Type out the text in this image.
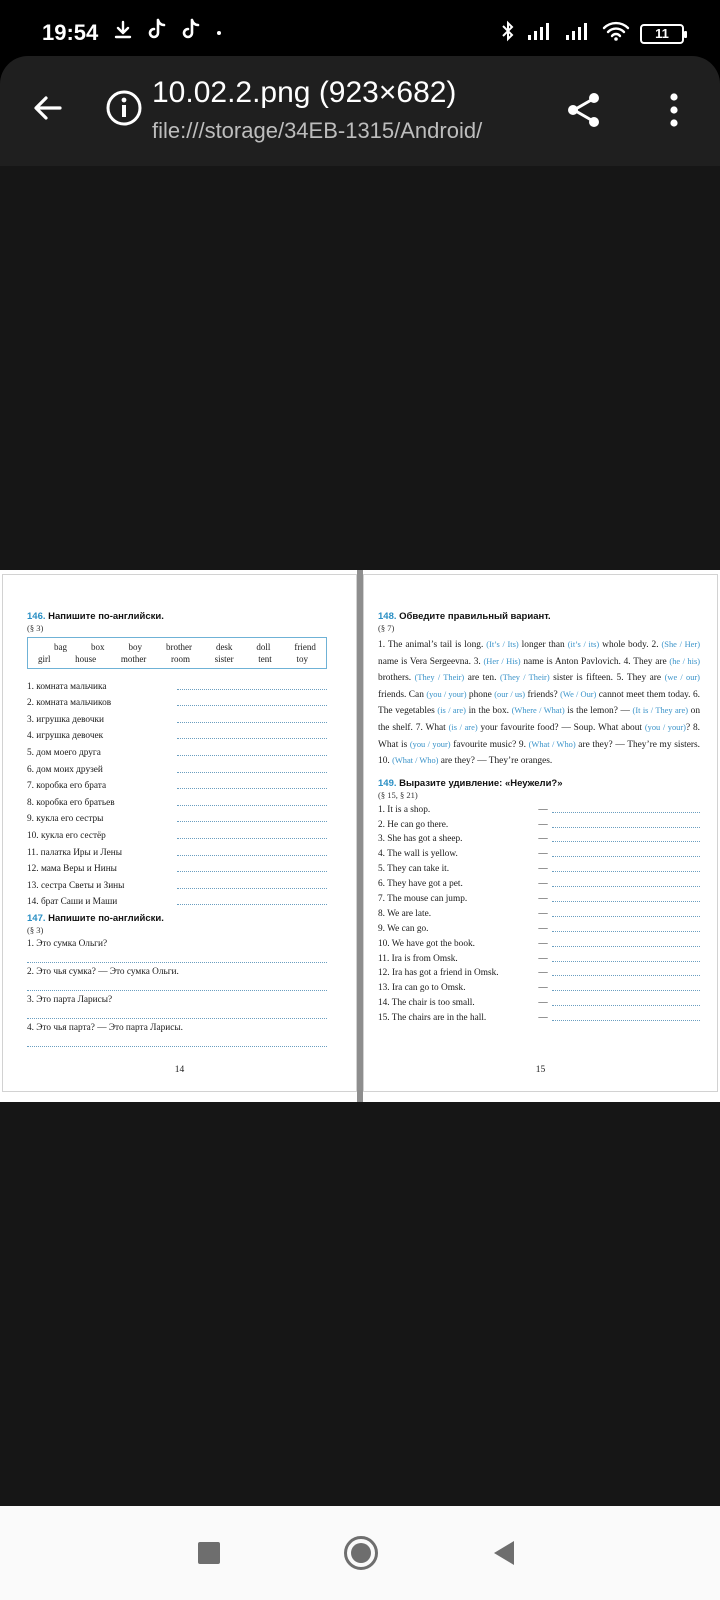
19:54	11
10.02.2.png (923×682)
file:///storage/34EB-1315/Android/
146. Напишите по-английски.
(§ 3)
bag	box	boy	brother	desk	doll	friend
girl	house	mother	room	sister	tent	toy
1. комната мальчика
2. комната мальчиков
3. игрушка девочки
4. игрушка девочек
5. дом моего друга
6. дом моих друзей
7. коробка его брата
8. коробка его братьев
9. кукла его сестры
10. кукла его сестёр
11. палатка Иры и Лены
12. мама Веры и Нины
13. сестра Светы и Зины
14. брат Саши и Маши
147. Напишите по-английски.
(§ 3)
1. Это сумка Ольги?
2. Это чья сумка? — Это сумка Ольги.
3. Это парта Ларисы?
4. Это чья парта? — Это парта Ларисы.
14
148. Обведите правильный вариант.
(§ 7)
1. The animal’s tail is long. (It’s / Its) longer than (it’s / its) whole body. 2. (She / Her) name is Vera Sergeevna. 3. (Her / His) name is Anton Pavlovich. 4. They are (he / his) brothers. (They / Their) are ten. (They / Their) sister is fifteen. 5. They are (we / our) friends. Can (you / your) phone (our / us) friends? (We / Our) cannot meet them today. 6. The vegetables (is / are) in the box. (Where / What) is the lemon? — (It is / They are) on the shelf. 7. What (is / are) your favourite food? — Soup. What about (you / your)? 8. What is (you / your) favourite music? 9. (What / Who) are they? — They’re my sisters. 10. (What / Who) are they? — They’re oranges.
149. Выразите удивление: «Неужели?»
(§ 15, § 21)
1. It is a shop.	—
2. He can go there.	—
3. She has got a sheep.	—
4. The wall is yellow.	—
5. They can take it.	—
6. They have got a pet.	—
7. The mouse can jump.	—
8. We are late.	—
9. We can go.	—
10. We have got the book.	—
11. Ira is from Omsk.	—
12. Ira has got a friend in Omsk.	—
13. Ira can go to Omsk.	—
14. The chair is too small.	—
15. The chairs are in the hall.	—
15
